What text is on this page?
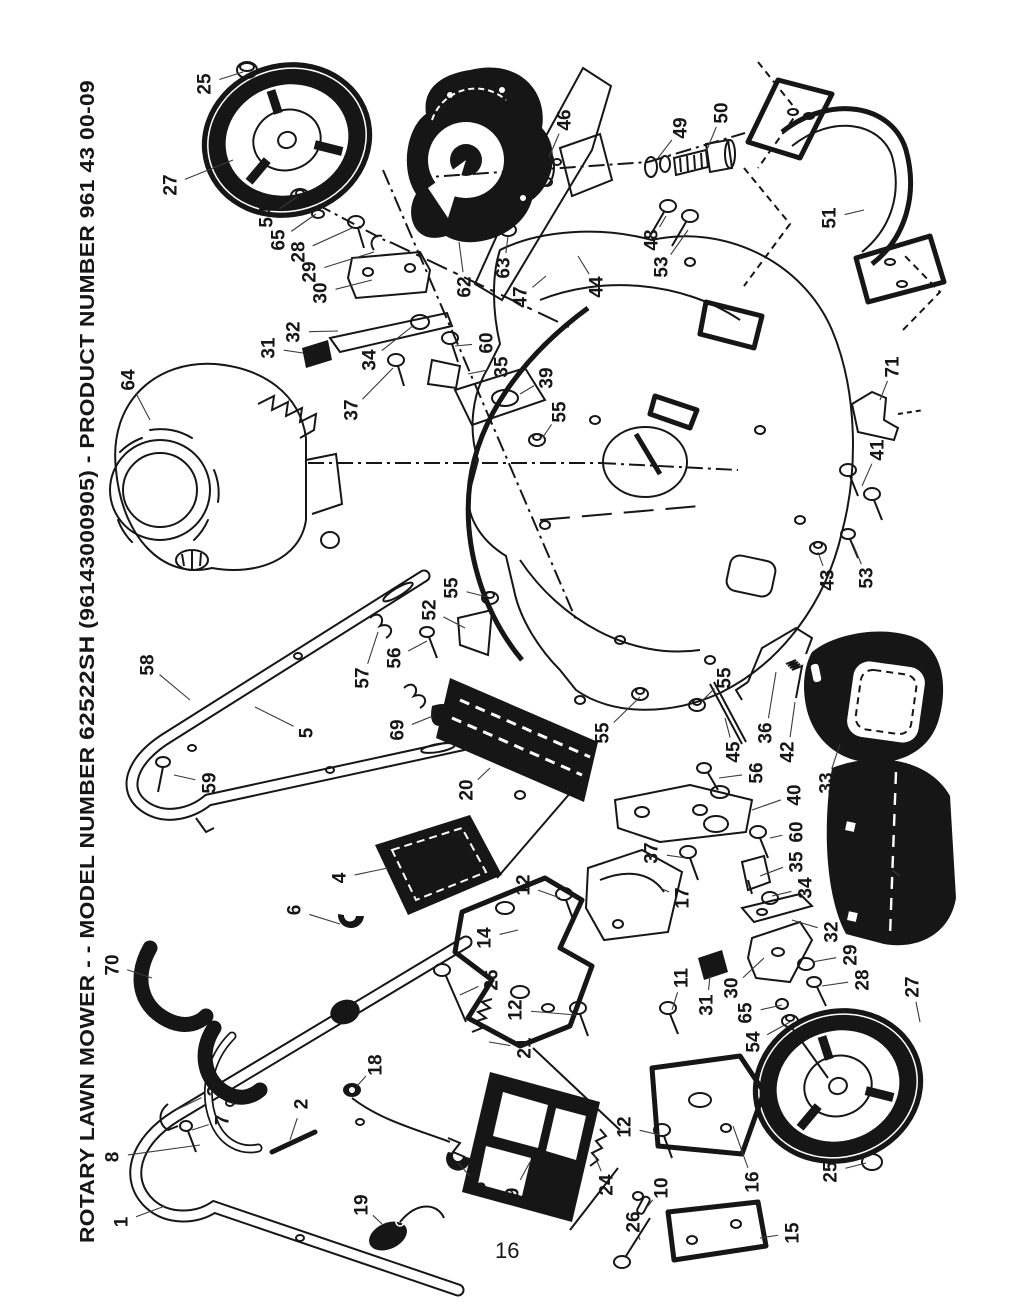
25
27
54
65
28
29
30
32
31
34
37
64
46
62
63
47	44
48
53
49
50
51
71
41
43 53
60
35
39
55
52
55
56
57
69
20
5
58
59
55
55
45
36
42
56
40
33
60
35
34	38
32
29
28
30
31
11
65
54
27
25
12
14
26
12
21
12
37
17
4
6
70
3
7
2
8
1
18
19
6
9	24
26
10	16
15
ROTARY LAWN MOWER - - MODEL NUMBER 62522SH (96143000905) - PRODUCT NUMBER 961 43 00-09
16
